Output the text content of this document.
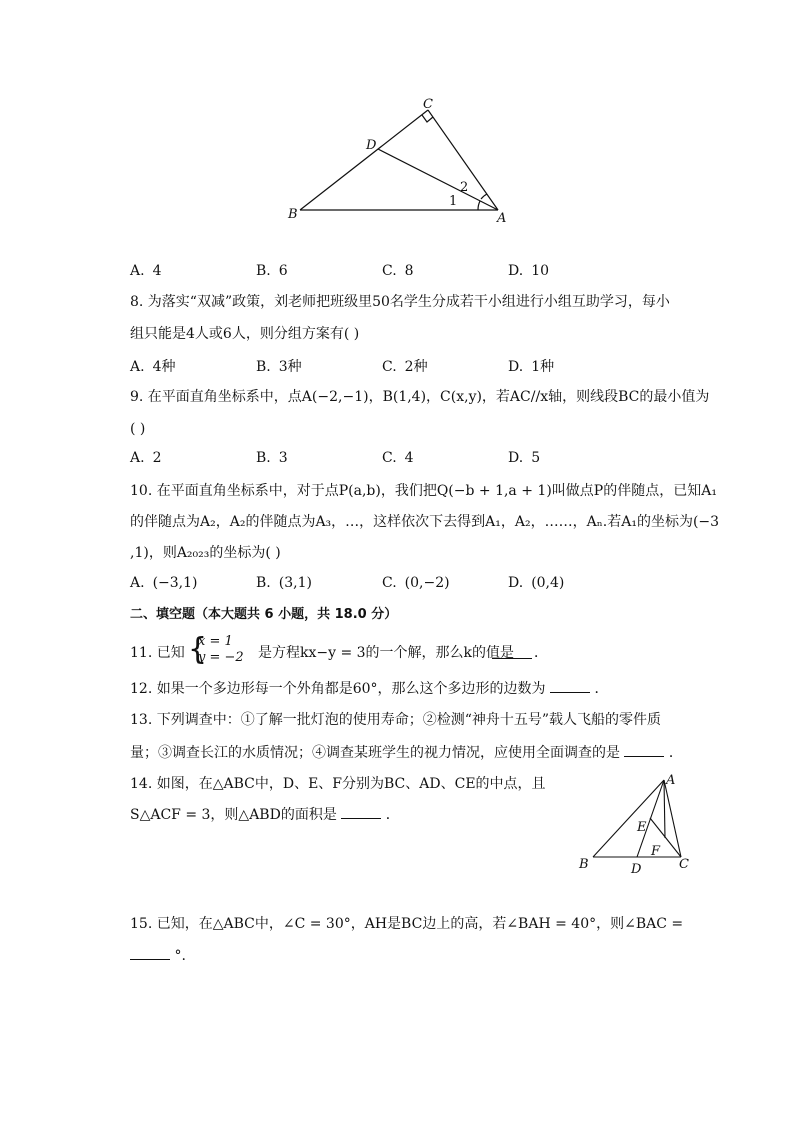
C
D
B	A
1
2
A. 4	B. 6	C. 8	D. 10
8. 为落实“双减”政策，刘老师把班级里50名学生分成若干小组进行小组互助学习，每小
组只能是4人或6人，则分组方案有( )
A. 4种	B. 3种	C. 2种	D. 1种
9. 在平面直角坐标系中，点A(−2,−1)，B(1,4)，C(x,y)，若AC//x轴，则线段BC的最小值为
( )
A. 2	B. 3	C. 4	D. 5
10. 在平面直角坐标系中，对于点P(a,b)，我们把Q(−b + 1,a + 1)叫做点P的伴随点，已知A₁
的伴随点为A₂，A₂的伴随点为A₃，…，这样依次下去得到A₁，A₂，……，Aₙ.若A₁的坐标为(−3
,1)，则A₂₀₂₃的坐标为( )
A. (−3,1)	B. (3,1)	C. (0,−2)	D. (0,4)
二、填空题（本大题共 6 小题，共 18.0 分）
11. 已知 {
x = 1
y = −2 是方程kx−y = 3的一个解，那么k的值是 ．
12. 如果一个多边形每一个外角都是60°，那么这个多边形的边数为	．
13. 下列调查中：①了解一批灯泡的使用寿命；②检测“神舟十五号”载人飞船的零件质
量；③调查长江的水质情况；④调查某班学生的视力情况，应使用全面调查的是	．
14. 如图，在△ABC中，D、E、F分别为BC、AD、CE的中点，且
S△ACF = 3，则△ABD的面积是	．
A
B	C
D
E
F
15. 已知，在△ABC中，∠C = 30°，AH是BC边上的高，若∠BAH = 40°，则∠BAC =
°.
